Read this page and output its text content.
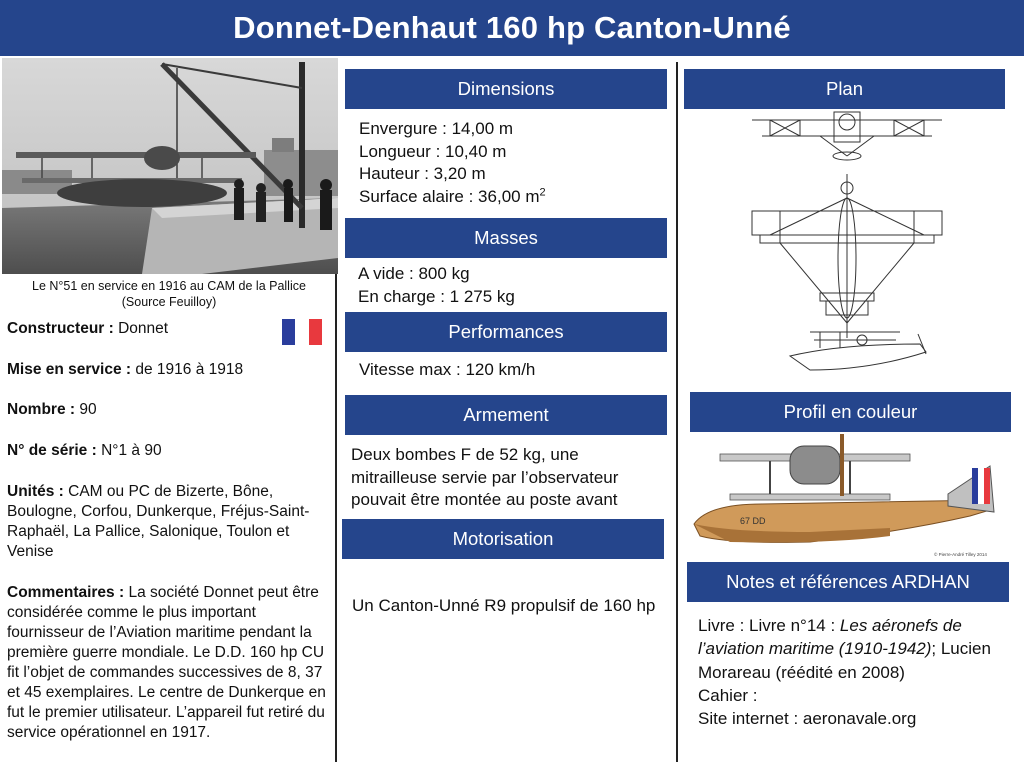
Donnet-Denhaut 160 hp Canton-Unné
Le N°51 en service en 1916 au CAM de la Pallice
(Source Feuilloy)
Constructeur : Donnet
Mise en service : de 1916 à 1918
Nombre : 90
N° de série : N°1 à 90
Unités : CAM ou PC de Bizerte, Bône, Boulogne, Corfou, Dunkerque, Fréjus-Saint-Raphaël, La Pallice, Salonique, Toulon et Venise
Commentaires : La société Donnet peut être considérée comme le plus important fournisseur de l’Aviation maritime pendant la première guerre mondiale. Le D.D. 160 hp CU fit l’objet de commandes successives de 8, 37 et 45 exemplaires. Le centre de Dunkerque en fut le premier utilisateur. L’appareil fut retiré du service opérationnel en 1917.
Dimensions
Envergure : 14,00 m
Longueur : 10,40 m
Hauteur : 3,20 m
Surface alaire : 36,00 $m^2$
Masses
A vide : 800 kg
En charge : 1 275 kg
Performances
Vitesse max : 120 km/h
Armement
Deux bombes F de 52 kg, une mitrailleuse servie par l’observateur pouvait être montée au poste avant
Motorisation
Un Canton-Unné R9 propulsif de 160 hp
Plan
Profil en couleur
67 DD
© Pierre-André Tilley 2014
Notes et références ARDHAN
Livre : Livre n°14 : Les aéronefs de l’aviation maritime (1910-1942); Lucien Morareau (réédité en 2008)
Cahier :
Site internet : aeronavale.org
